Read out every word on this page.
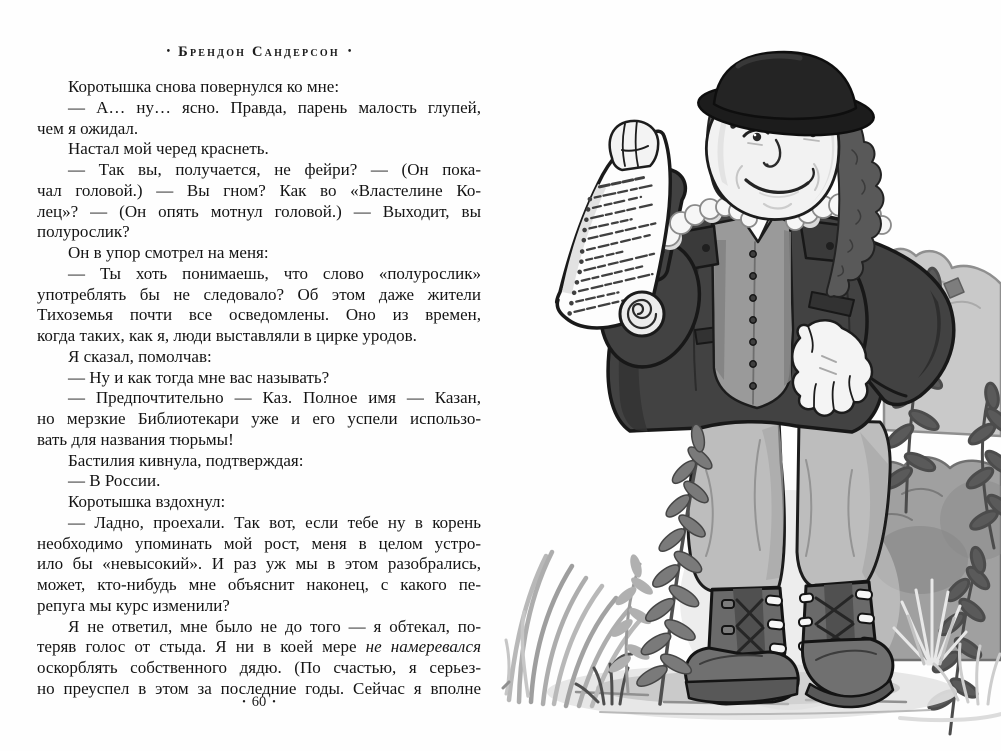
• Брендон Сандерсон •
Коротышка снова повернулся ко мне:
— А… ну… ясно. Правда, парень малость глупей,
чем я ожидал.
Настал мой черед краснеть.
— Так вы, получается, не фейри? — (Он пока-
чал головой.) — Вы гном? Как во «Властелине Ко-
лец»? — (Он опять мотнул головой.) — Выходит, вы
полурослик?
Он в упор смотрел на меня:
— Ты хоть понимаешь, что слово «полурослик»
употреблять бы не следовало? Об этом даже жители
Тихоземья почти все осведомлены. Оно из времен,
когда таких, как я, люди выставляли в цирке уродов.
Я сказал, помолчав:
— Ну и как тогда мне вас называть?
— Предпочтительно — Каз. Полное имя — Казан,
но мерзкие Библиотекари уже и его успели использо-
вать для названия тюрьмы!
Бастилия кивнула, подтверждая:
— В России.
Коротышка вздохнул:
— Ладно, проехали. Так вот, если тебе ну в корень
необходимо упоминать мой рост, меня в целом устро-
ило бы «невысокий». И раз уж мы в этом разобрались,
может, кто-нибудь мне объяснит наконец, с какого пе-
репуга мы курс изменили?
Я не ответил, мне было не до того — я обтекал, по-
теряв голос от стыда. Я ни в коей мере не намеревался
оскорблять собственного дядю. (По счастью, я серьез-
но преуспел в этом за последние годы. Сейчас я вполне
• 60 •
